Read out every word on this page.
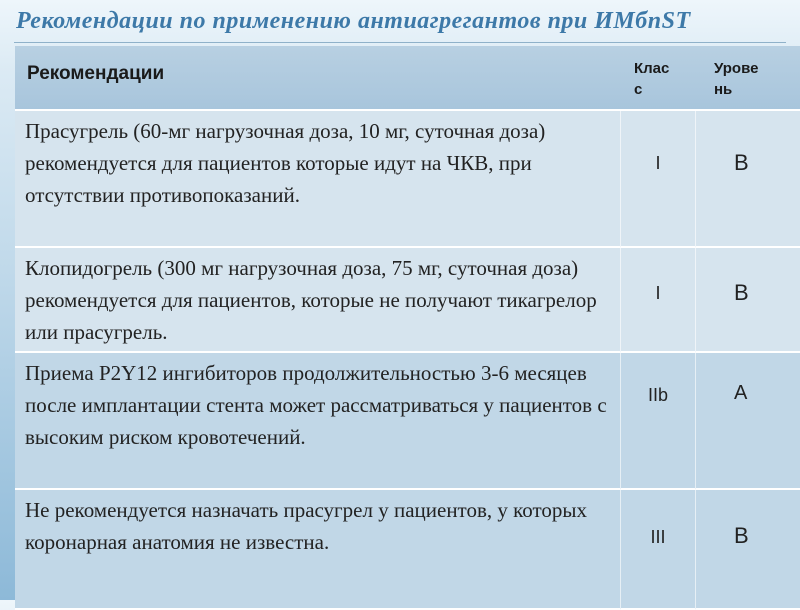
Рекомендации по применению антиагрегантов при ИМбпST
Рекомендации	Класс	Уровень

Прасугрель (60-мг нагрузочная доза, 10 мг, суточная доза) рекомендуется для пациентов которые идут на ЧКВ, при отсутствии противопоказаний.	I	B

Клопидогрель (300 мг нагрузочная доза, 75 мг, суточная доза) рекомендуется для пациентов, которые не получают тикагрелор или прасугрель.	I	B

Приема P2Y12 ингибиторов продолжительностью 3-6 месяцев после имплантации стента может рассматриваться у пациентов с высоким риском кровотечений.	IIb	A

Не рекомендуется назначать прасугрел у пациентов, у которых коронарная анатомия не известна.	III	B
